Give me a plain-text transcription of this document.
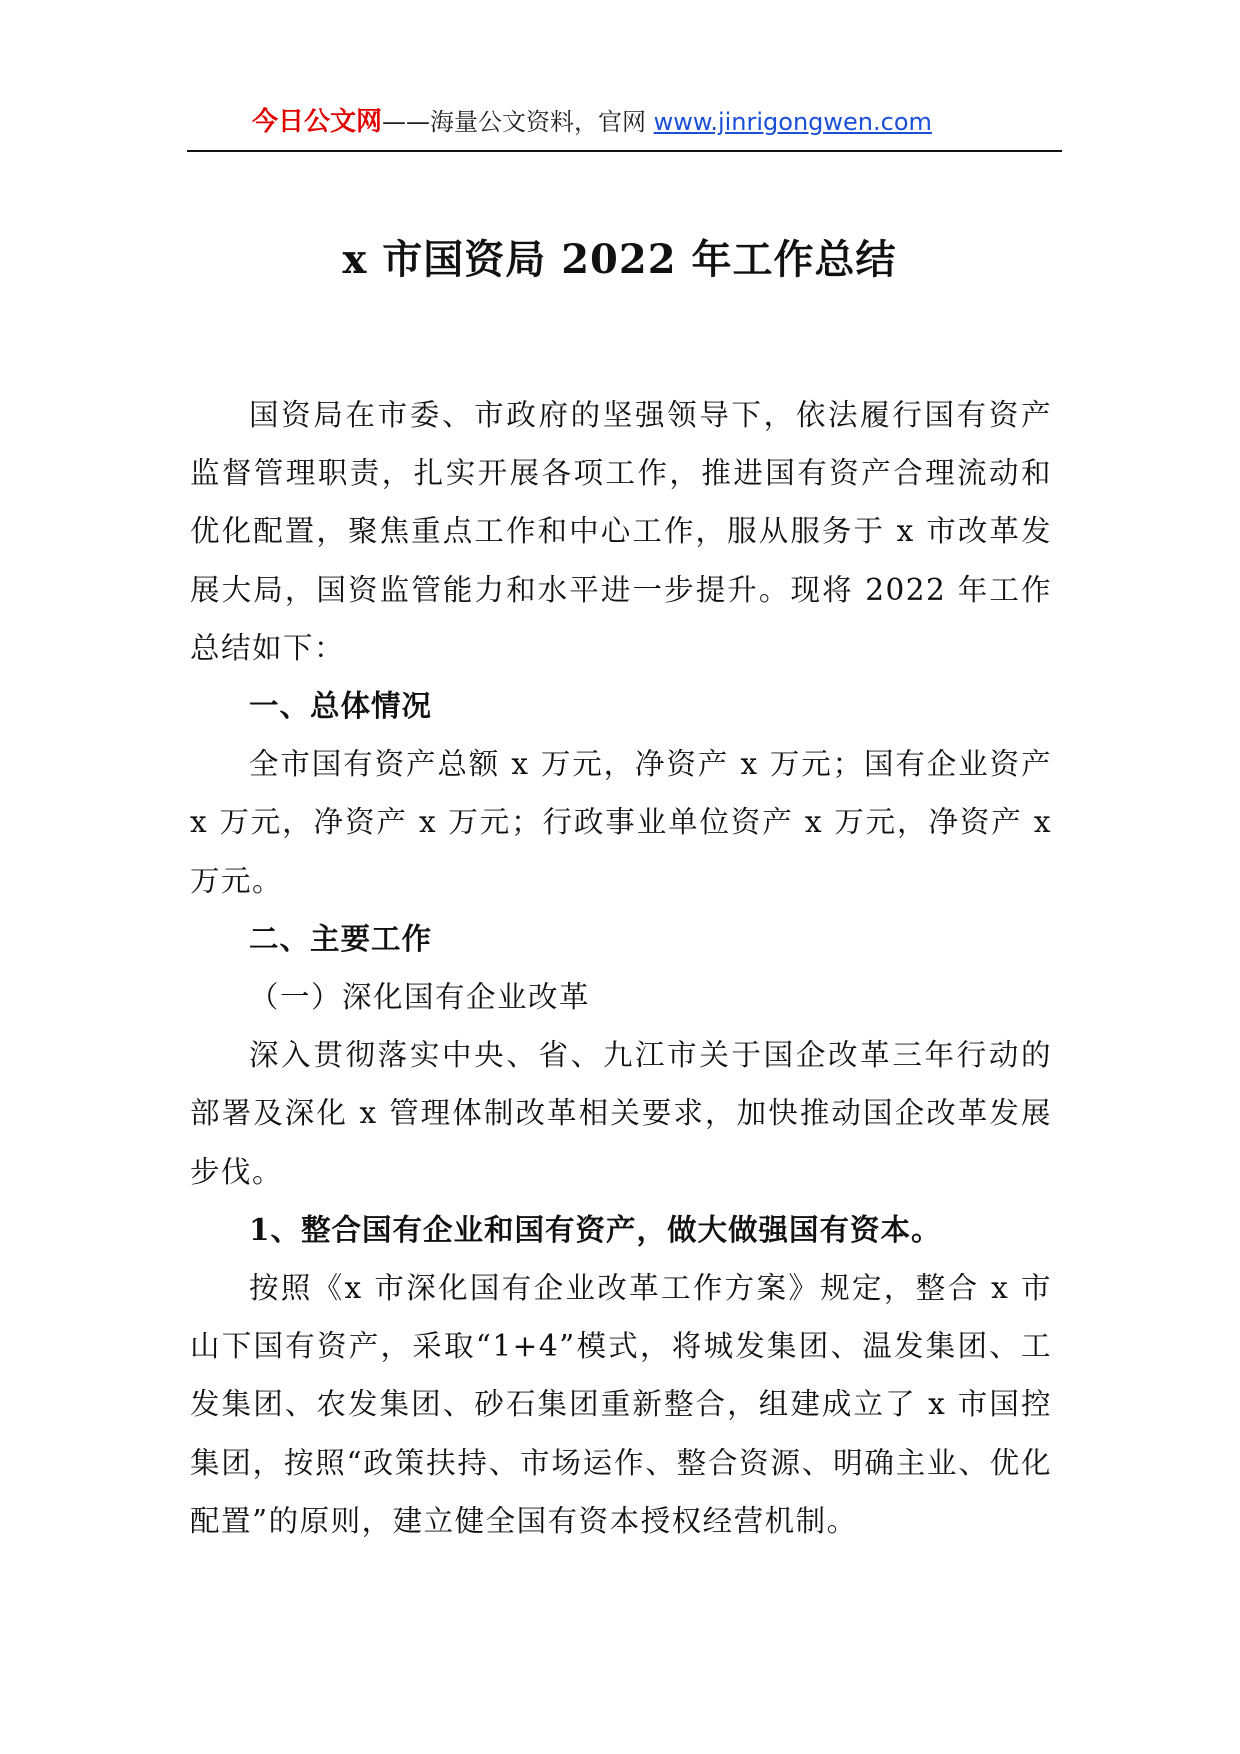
今日公文网——海量公文资料，官网 www.jinrigongwen.com
x 市国资局 2022 年工作总结

国资局在市委、市政府的坚强领导下，依法履行国有资产监督管理职责，扎实开展各项工作，推进国有资产合理流动和优化配置，聚焦重点工作和中心工作，服从服务于 x 市改革发展大局，国资监管能力和水平进一步提升。现将 2022 年工作总结如下：

一、总体情况

全市国有资产总额 x 万元，净资产 x 万元；国有企业资产 x 万元，净资产 x 万元；行政事业单位资产 x 万元，净资产 x 万元。

二、主要工作

（一）深化国有企业改革

深入贯彻落实中央、省、九江市关于国企改革三年行动的部署及深化 x 管理体制改革相关要求，加快推动国企改革发展步伐。

1、整合国有企业和国有资产，做大做强国有资本。

按照《x 市深化国有企业改革工作方案》规定，整合 x 市山下国有资产，采取“1+4”模式，将城发集团、温发集团、工发集团、农发集团、砂石集团重新整合，组建成立了 x 市国控集团，按照“政策扶持、市场运作、整合资源、明确主业、优化配置”的原则，建立健全国有资本授权经营机制。
